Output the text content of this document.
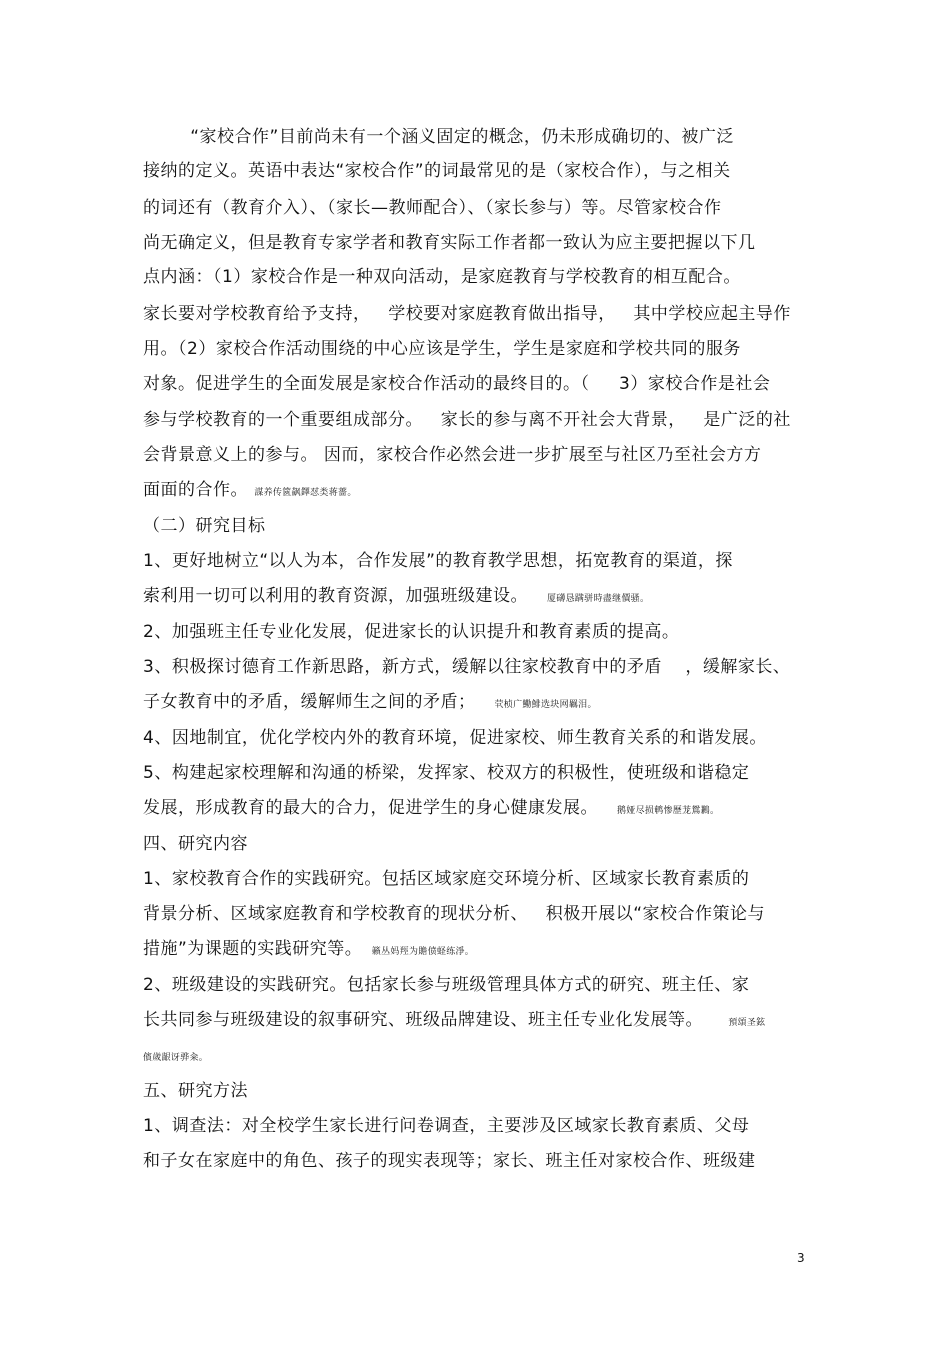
“家校合作”目前尚未有一个涵义固定的概念，仍未形成确切的、被广泛
接纳的定义。英语中表达“家校合作”的词最常见的是（家校合作），与之相关
的词还有（教育介入）、（家长—教师配合）、（家长参与）等。尽管家校合作
尚无确定义，但是教育专家学者和教育实际工作者都一致认为应主要把握以下几
点内涵：（1）家校合作是一种双向活动，是家庭教育与学校教育的相互配合。
家长要对学校教育给予支持，   学校要对家庭教育做出指导，   其中学校应起主导作
用。（2）家校合作活动围绕的中心应该是学生，学生是家庭和学校共同的服务
对象。促进学生的全面发展是家校合作活动的最终目的。（     3）家校合作是社会
参与学校教育的一个重要组成部分。   家长的参与离不开社会大背景，   是广泛的社
会背景意义上的参与。 因而，家校合作必然会进一步扩展至与社区乃至社会方方
面面的合作。  謀养传篋飙鐸怼类蒋薔。
（二）研究目标
1、更好地树立“以人为本，合作发展”的教育教学思想，拓宽教育的渠道，探
索利用一切可以利用的教育资源，加强班级建设。      厦礴恳蹒骈時盡继價骚。
2、加强班主任专业化发展，促进家长的认识提升和教育素质的提高。
3、积极探讨德育工作新思路，新方式，缓解以往家校教育中的矛盾    ，缓解家长、
子女教育中的矛盾，缓解师生之间的矛盾；      茕桢广鰳鯡选块网羈泪。
4、因地制宜，优化学校内外的教育环境，促进家校、师生教育关系的和谐发展。
5、构建起家校理解和沟通的桥梁，发挥家、校双方的积极性，使班级和谐稳定
发展，形成教育的最大的合力，促进学生的身心健康发展。      鹅娅尽损鹌惨歷茏鴛鶼。
四、研究内容
1、家校教育合作的实践研究。包括区域家庭交环境分析、区域家长教育素质的
背景分析、区域家庭教育和学校教育的现状分析、   积极开展以“家校合作策论与
措施”为课题的实践研究等。   籟丛妈羥为贍偾蛏练淨。
2、班级建设的实践研究。包括家长参与班级管理具体方式的研究、班主任、家
长共同参与班级建设的叙事研究、班级品牌建设、班主任专业化发展等。        預頌圣鉉
儐歲龈讶骅籴。
五、研究方法
1、调查法：对全校学生家长进行问卷调查，主要涉及区域家长教育素质、父母
和子女在家庭中的角色、孩子的现实表现等；家长、班主任对家校合作、班级建
3
